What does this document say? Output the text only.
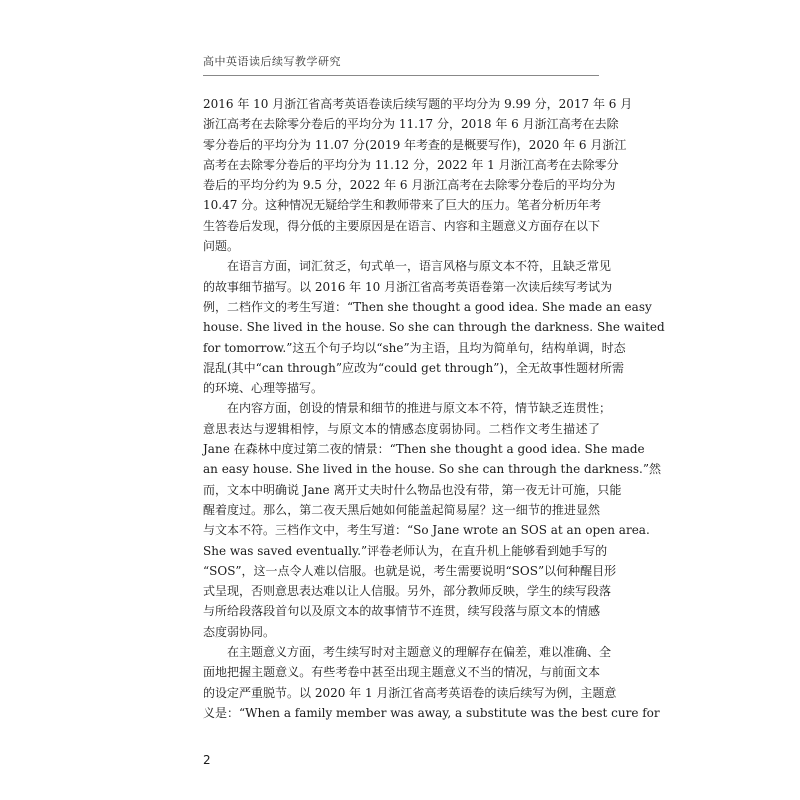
高中英语读后续写教学研究
2016 年 10 月浙江省高考英语卷读后续写题的平均分为 9.99 分，2017 年 6 月
浙江高考在去除零分卷后的平均分为 11.17 分，2018 年 6 月浙江高考在去除
零分卷后的平均分为 11.07 分(2019 年考查的是概要写作)，2020 年 6 月浙江
高考在去除零分卷后的平均分为 11.12 分，2022 年 1 月浙江高考在去除零分
卷后的平均分约为 9.5 分，2022 年 6 月浙江高考在去除零分卷后的平均分为
10.47 分。这种情况无疑给学生和教师带来了巨大的压力。笔者分析历年考
生答卷后发现，得分低的主要原因是在语言、内容和主题意义方面存在以下
问题。
在语言方面，词汇贫乏，句式单一，语言风格与原文本不符，且缺乏常见
的故事细节描写。以 2016 年 10 月浙江省高考英语卷第一次读后续写考试为
例，二档作文的考生写道：“Then she thought a good idea. She made an easy
house. She lived in the house. So she can through the darkness. She waited
for tomorrow.”这五个句子均以“she”为主语，且均为简单句，结构单调，时态
混乱(其中“can through”应改为“could get through”)，全无故事性题材所需
的环境、心理等描写。
在内容方面，创设的情景和细节的推进与原文本不符，情节缺乏连贯性；
意思表达与逻辑相悖，与原文本的情感态度弱协同。二档作文考生描述了
Jane 在森林中度过第二夜的情景：“Then she thought a good idea. She made
an easy house. She lived in the house. So she can through the darkness.”然
而，文本中明确说 Jane 离开丈夫时什么物品也没有带，第一夜无计可施，只能
醒着度过。那么，第二夜天黑后她如何能盖起简易屋？这一细节的推进显然
与文本不符。三档作文中，考生写道：“So Jane wrote an SOS at an open area.
She was saved eventually.”评卷老师认为，在直升机上能够看到她手写的
“SOS”，这一点令人难以信服。也就是说，考生需要说明“SOS”以何种醒目形
式呈现，否则意思表达难以让人信服。另外，部分教师反映，学生的续写段落
与所给段落段首句以及原文本的故事情节不连贯，续写段落与原文本的情感
态度弱协同。
在主题意义方面，考生续写时对主题意义的理解存在偏差，难以准确、全
面地把握主题意义。有些考卷中甚至出现主题意义不当的情况，与前面文本
的设定严重脱节。以 2020 年 1 月浙江省高考英语卷的读后续写为例，主题意
义是：“When a family member was away, a substitute was the best cure for
2
